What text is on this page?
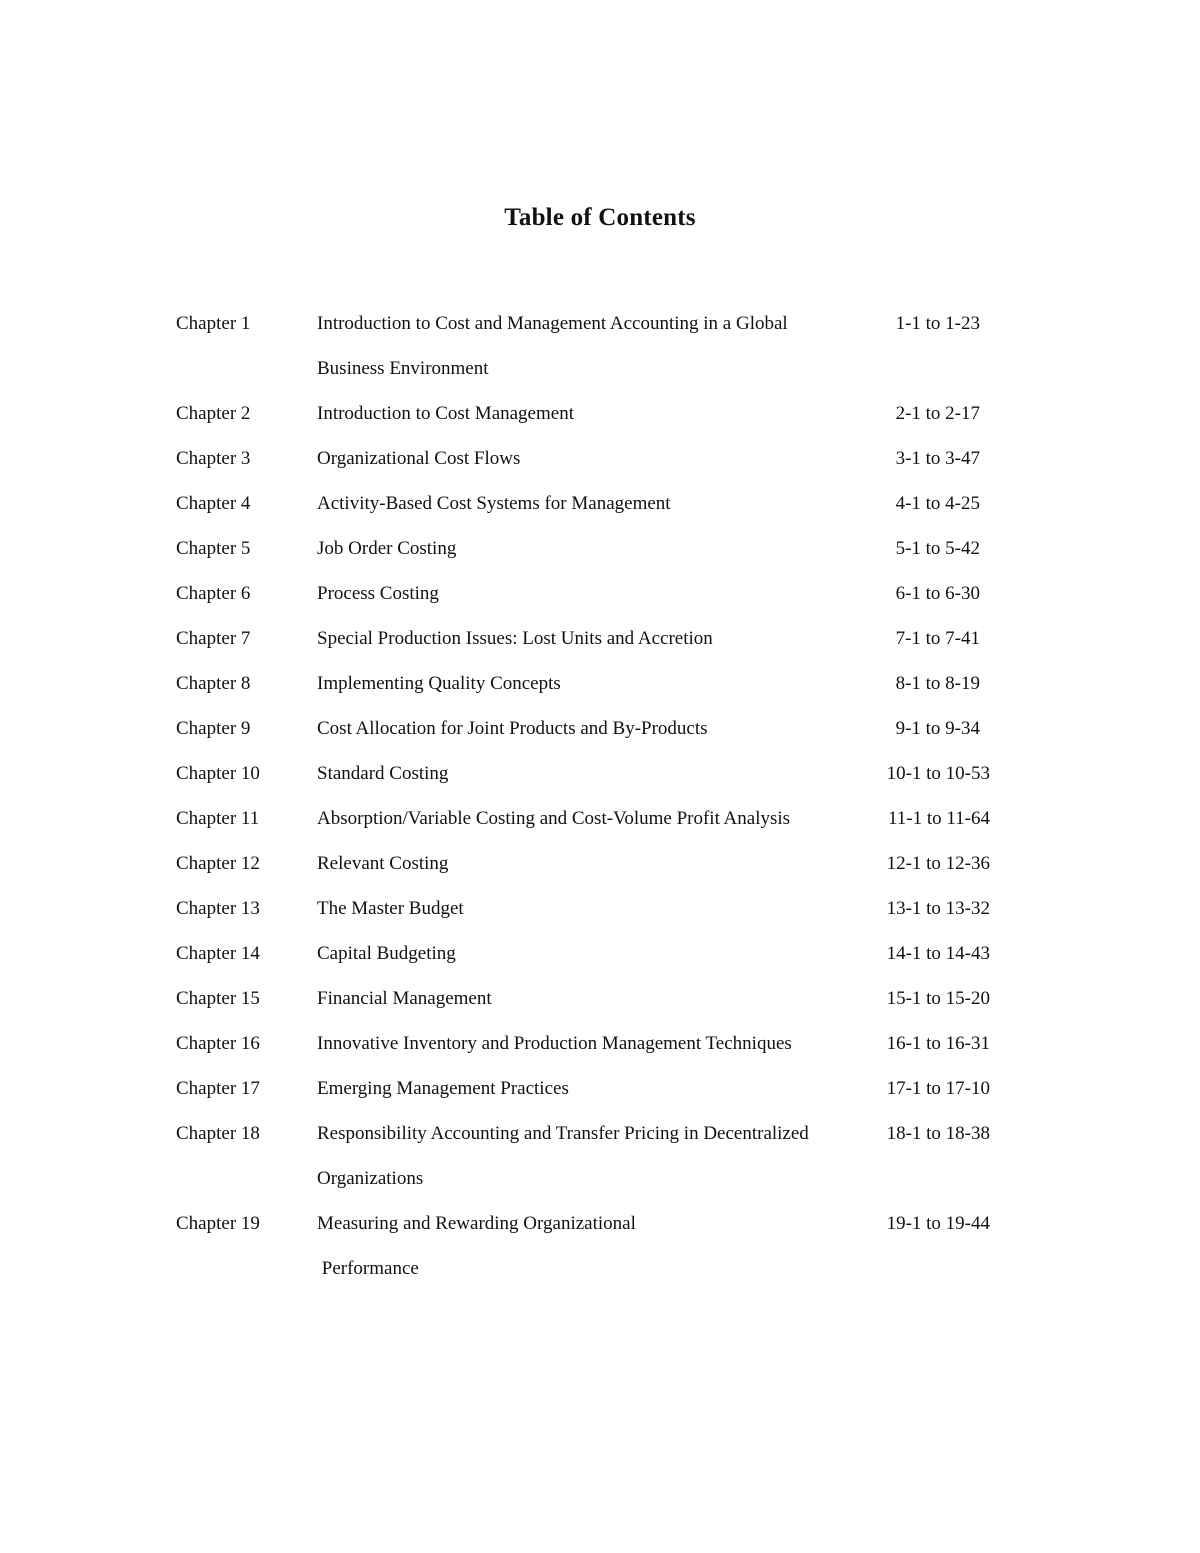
Table of Contents
Chapter 1	Introduction to Cost and Management Accounting in a Global	1-1 to 1-23
Business Environment
Chapter 2	Introduction to Cost Management	2-1 to 2-17
Chapter 3	Organizational Cost Flows	3-1 to 3-47
Chapter 4	Activity-Based Cost Systems for Management	4-1 to 4-25
Chapter 5	Job Order Costing	5-1 to 5-42
Chapter 6	Process Costing	6-1 to 6-30
Chapter 7	Special Production Issues: Lost Units and Accretion	7-1 to 7-41
Chapter 8	Implementing Quality Concepts	8-1 to 8-19
Chapter 9	Cost Allocation for Joint Products and By-Products	9-1 to 9-34
Chapter 10	Standard Costing	10-1 to 10-53
Chapter 11	Absorption/Variable Costing and Cost-Volume Profit Analysis	11-1 to 11-64
Chapter 12	Relevant Costing	12-1 to 12-36
Chapter 13	The Master Budget	13-1 to 13-32
Chapter 14	Capital Budgeting	14-1 to 14-43
Chapter 15	Financial Management	15-1 to 15-20
Chapter 16	Innovative Inventory and Production Management Techniques	16-1 to 16-31
Chapter 17	Emerging Management Practices	17-1 to 17-10
Chapter 18	Responsibility Accounting and Transfer Pricing in Decentralized	18-1 to 18-38
Organizations
Chapter 19	Measuring and Rewarding Organizational	19-1 to 19-44
Performance
